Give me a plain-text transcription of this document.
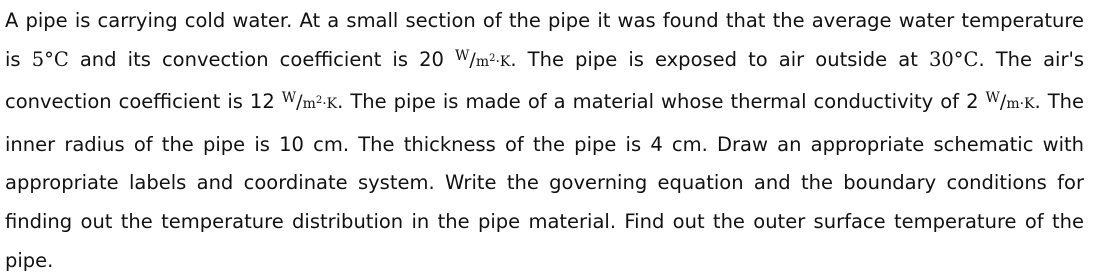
A pipe is carrying cold water. At a small section of the pipe it was found that the average water temperature is 5°C and its convection coefficient is 20 $^W/m^2\cdot K$. The pipe is exposed to air outside at 30°C. The air's convection coefficient is 12 $^W/m^2\cdot K$. The pipe is made of a material whose thermal conductivity of 2 $^W$/m·K. The inner radius of the pipe is 10 cm. The thickness of the pipe is 4 cm. Draw an appropriate schematic with appropriate labels and coordinate system. Write the governing equation and the boundary conditions for finding out the temperature distribution in the pipe material. Find out the outer surface temperature of the pipe.
